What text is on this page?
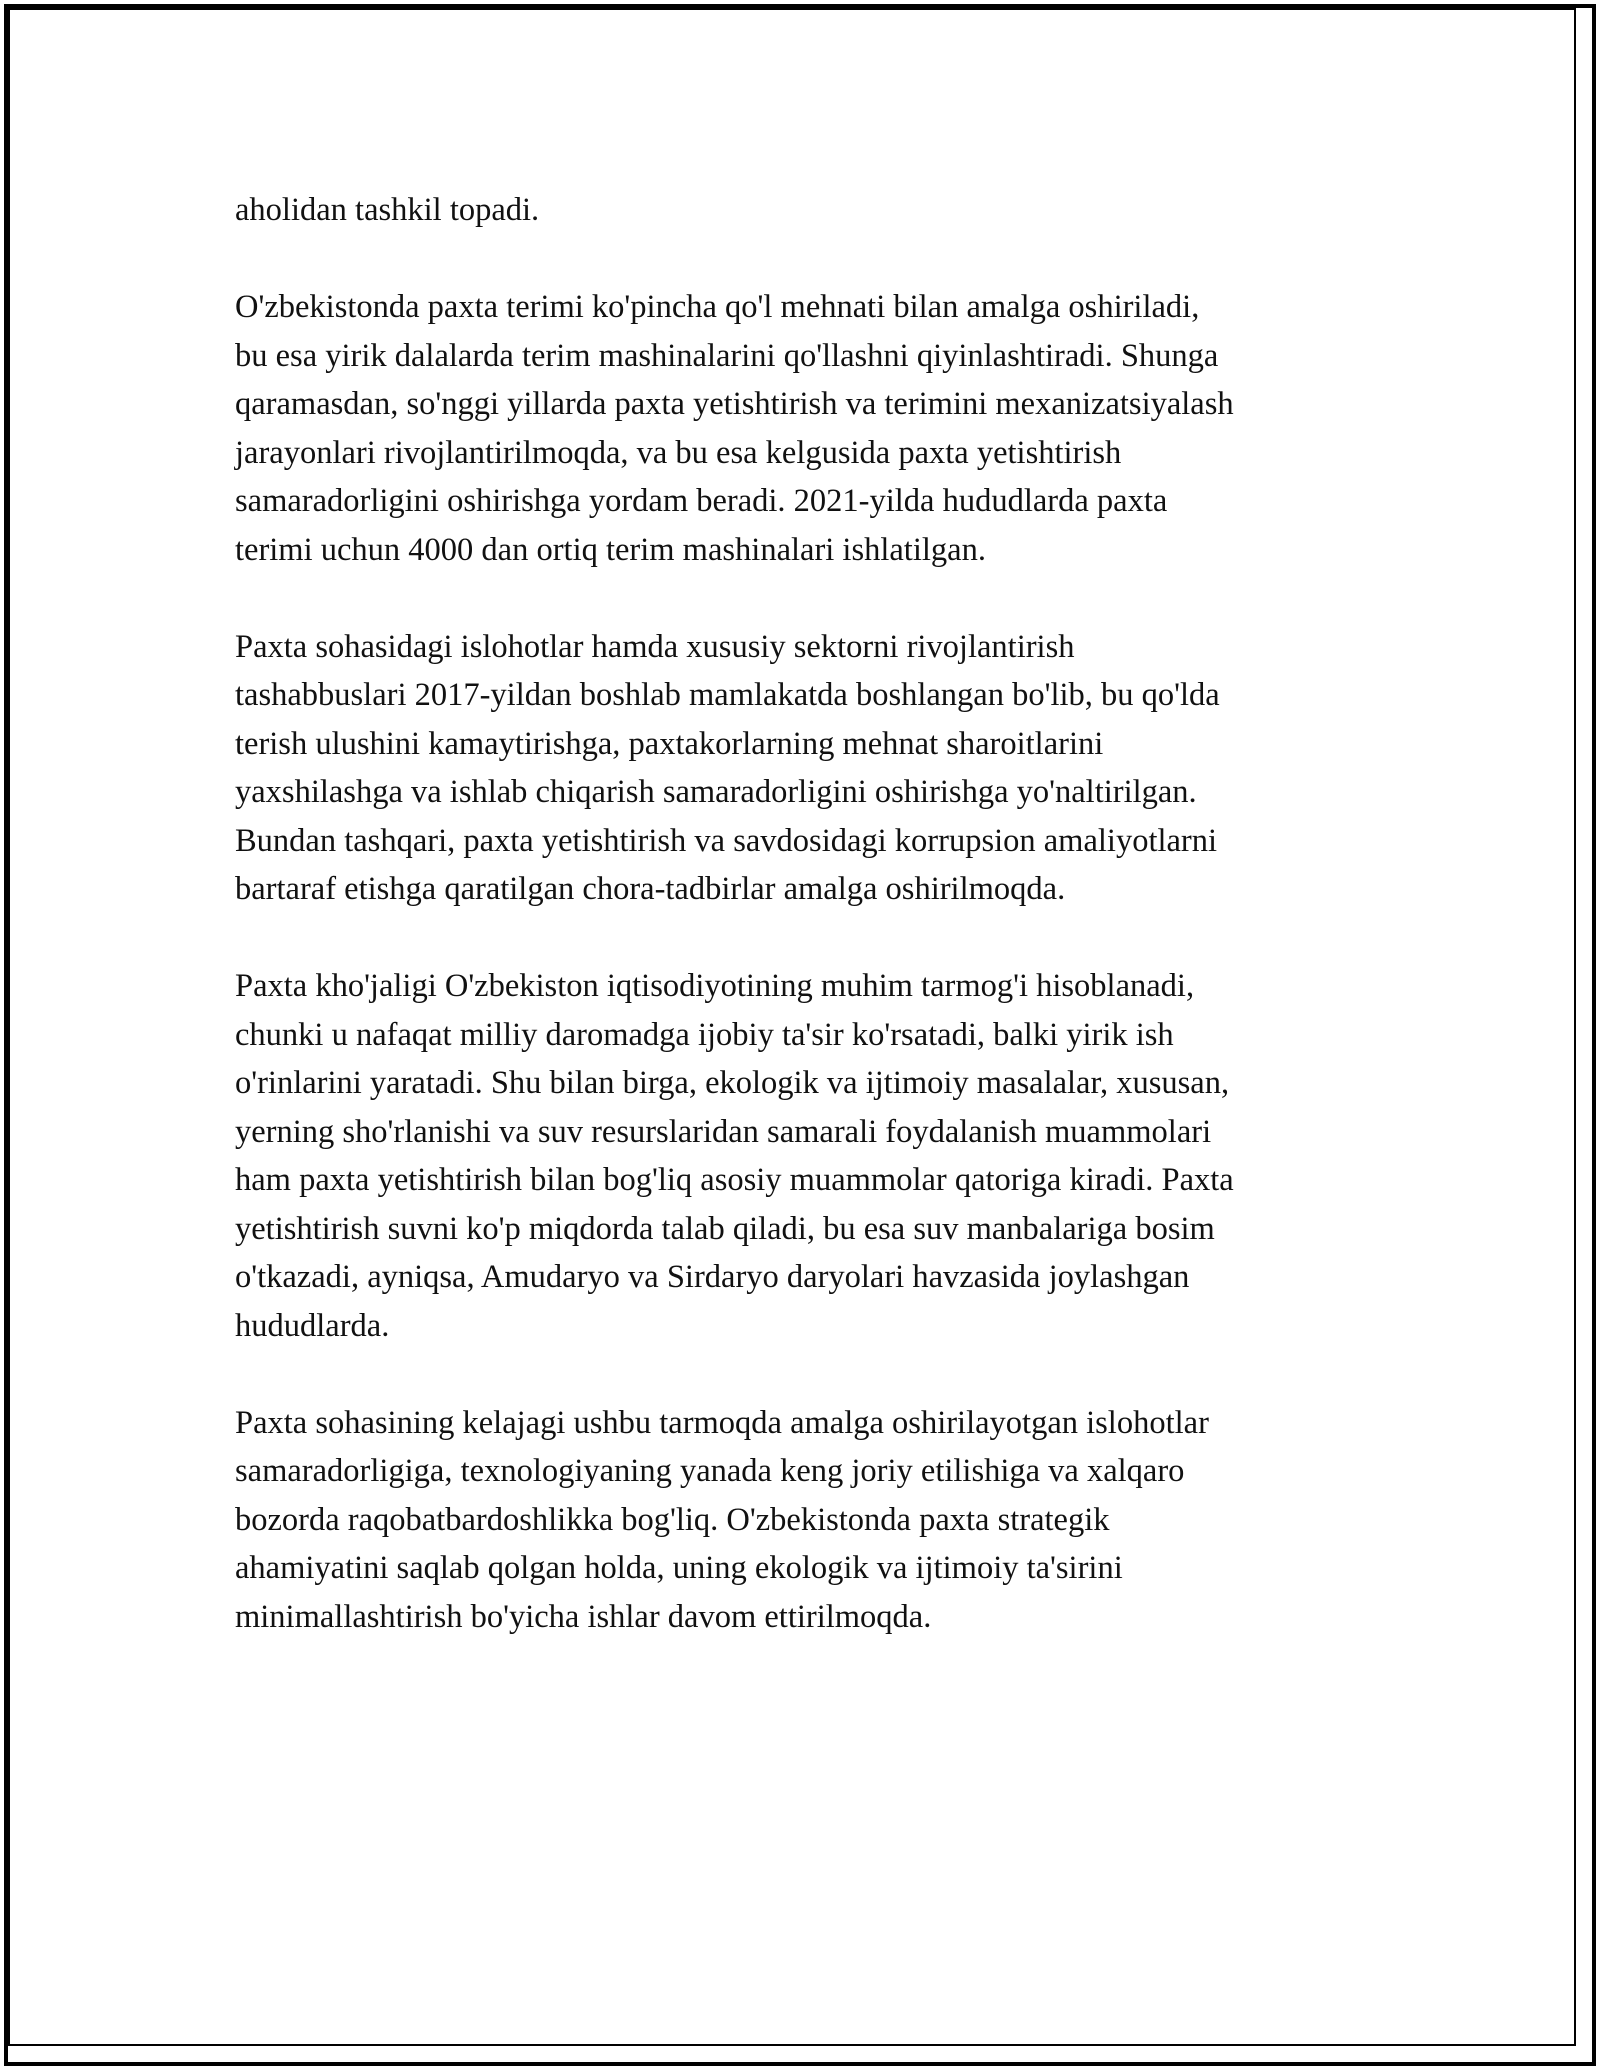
aholidan tashkil topadi.
O'zbekistonda paxta terimi ko'pincha qo'l mehnati bilan amalga oshiriladi,
bu esa yirik dalalarda terim mashinalarini qo'llashni qiyinlashtiradi. Shunga
qaramasdan, so'nggi yillarda paxta yetishtirish va terimini mexanizatsiyalash
jarayonlari rivojlantirilmoqda, va bu esa kelgusida paxta yetishtirish
samaradorligini oshirishga yordam beradi. 2021-yilda hududlarda paxta
terimi uchun 4000 dan ortiq terim mashinalari ishlatilgan.
Paxta sohasidagi islohotlar hamda xususiy sektorni rivojlantirish
tashabbuslari 2017-yildan boshlab mamlakatda boshlangan bo'lib, bu qo'lda
terish ulushini kamaytirishga, paxtakorlarning mehnat sharoitlarini
yaxshilashga va ishlab chiqarish samaradorligini oshirishga yo'naltirilgan.
Bundan tashqari, paxta yetishtirish va savdosidagi korrupsion amaliyotlarni
bartaraf etishga qaratilgan chora-tadbirlar amalga oshirilmoqda.
Paxta kho'jaligi O'zbekiston iqtisodiyotining muhim tarmog'i hisoblanadi,
chunki u nafaqat milliy daromadga ijobiy ta'sir ko'rsatadi, balki yirik ish
o'rinlarini yaratadi. Shu bilan birga, ekologik va ijtimoiy masalalar, xususan,
yerning sho'rlanishi va suv resurslaridan samarali foydalanish muammolari
ham paxta yetishtirish bilan bog'liq asosiy muammolar qatoriga kiradi. Paxta
yetishtirish suvni ko'p miqdorda talab qiladi, bu esa suv manbalariga bosim
o'tkazadi, ayniqsa, Amudaryo va Sirdaryo daryolari havzasida joylashgan
hududlarda.
Paxta sohasining kelajagi ushbu tarmoqda amalga oshirilayotgan islohotlar
samaradorligiga, texnologiyaning yanada keng joriy etilishiga va xalqaro
bozorda raqobatbardoshlikka bog'liq. O'zbekistonda paxta strategik
ahamiyatini saqlab qolgan holda, uning ekologik va ijtimoiy ta'sirini
minimallashtirish bo'yicha ishlar davom ettirilmoqda.
